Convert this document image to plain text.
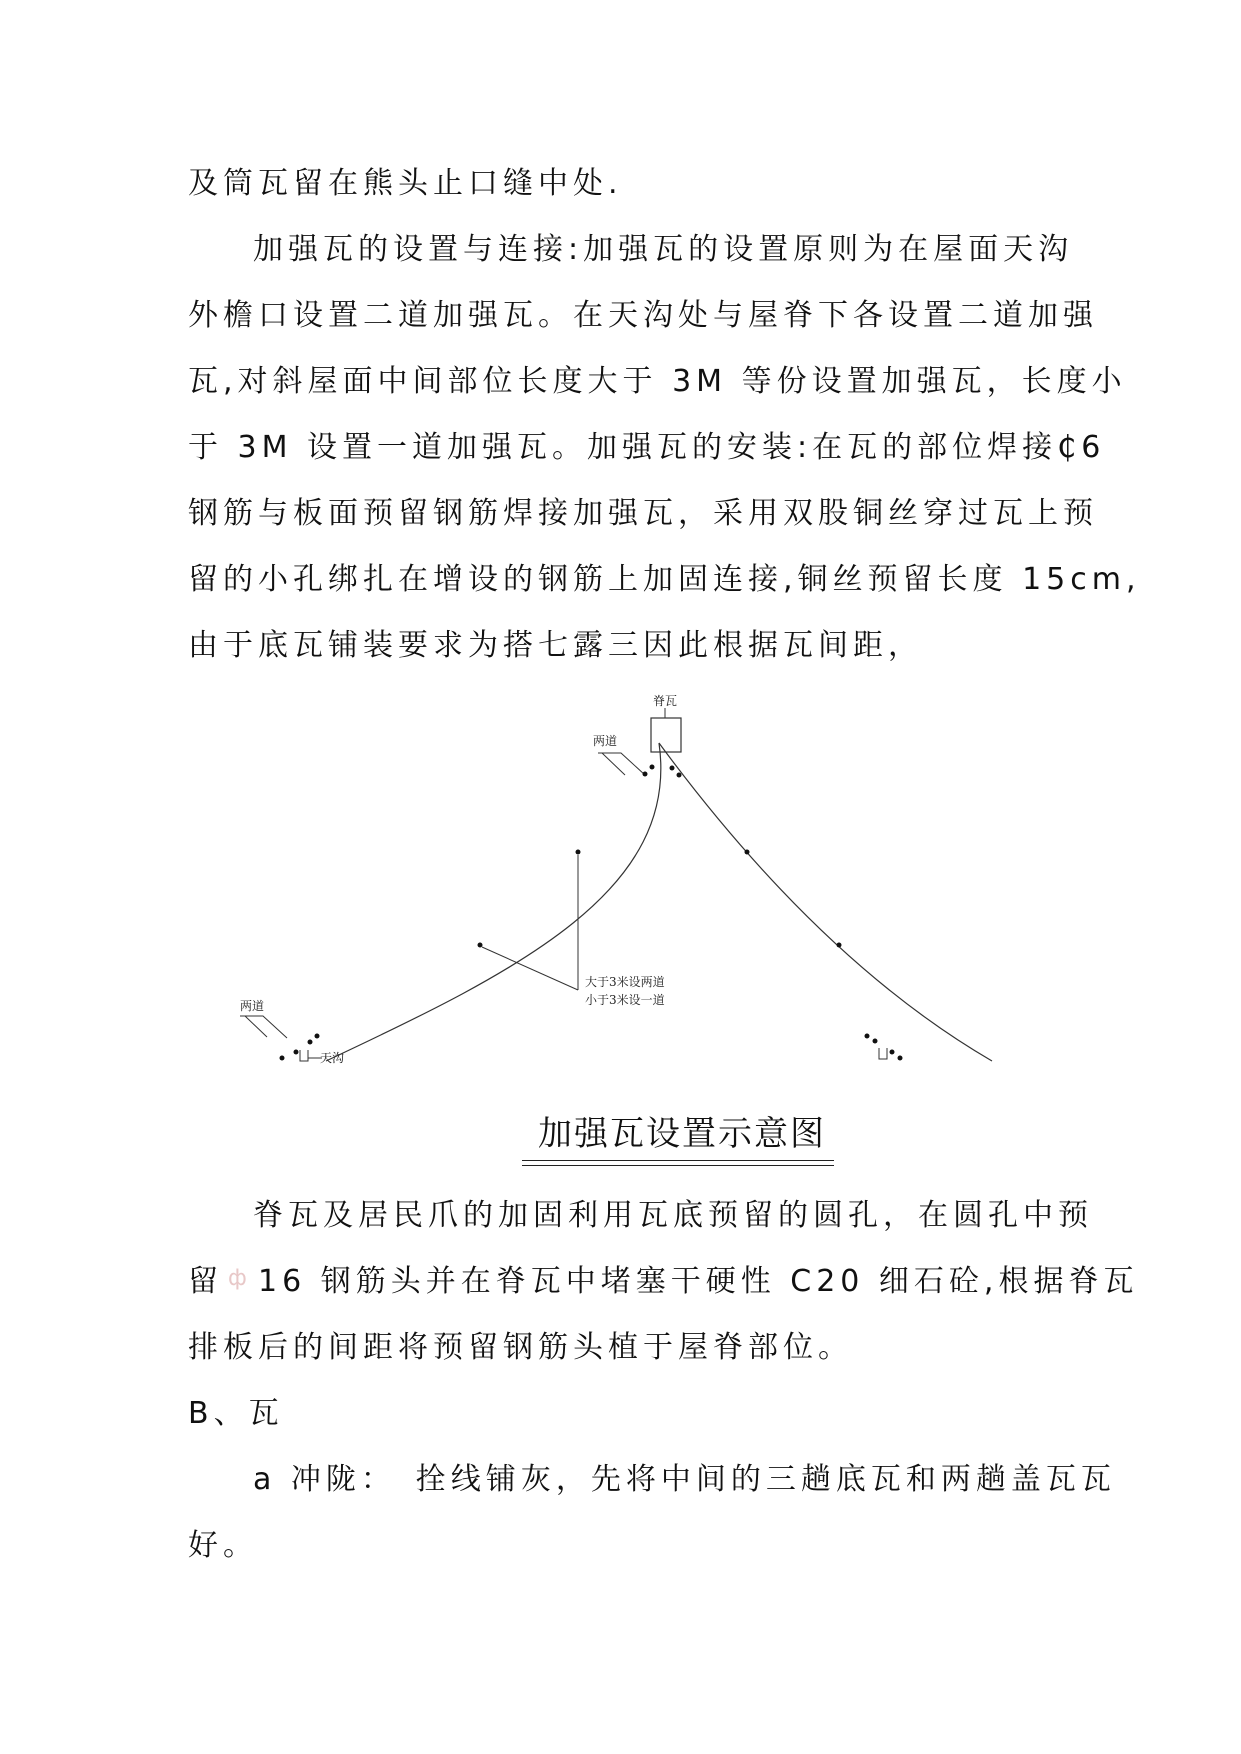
及筒瓦留在熊头止口缝中处.

加强瓦的设置与连接:加强瓦的设置原则为在屋面天沟

外檐口设置二道加强瓦。在天沟处与屋脊下各设置二道加强

瓦,对斜屋面中间部位长度大于 3M 等份设置加强瓦，长度小

于 3M 设置一道加强瓦。加强瓦的安装:在瓦的部位焊接₵6

钢筋与板面预留钢筋焊接加强瓦，采用双股铜丝穿过瓦上预

留的小孔绑扎在增设的钢筋上加固连接,铜丝预留长度 15cm,

由于底瓦铺装要求为搭七露三因此根据瓦间距，

脊瓦
两道
大于3米设两道
小于3米设一道
两道
天沟
加强瓦设置示意图

脊瓦及居民爪的加固利用瓦底预留的圆孔，在圆孔中预

留 ф 16 钢筋头并在脊瓦中堵塞干硬性 C20 细石砼,根据脊瓦

排板后的间距将预留钢筋头植于屋脊部位。

B、瓦

a 冲陇：　拴线铺灰，先将中间的三趟底瓦和两趟盖瓦瓦

好。
